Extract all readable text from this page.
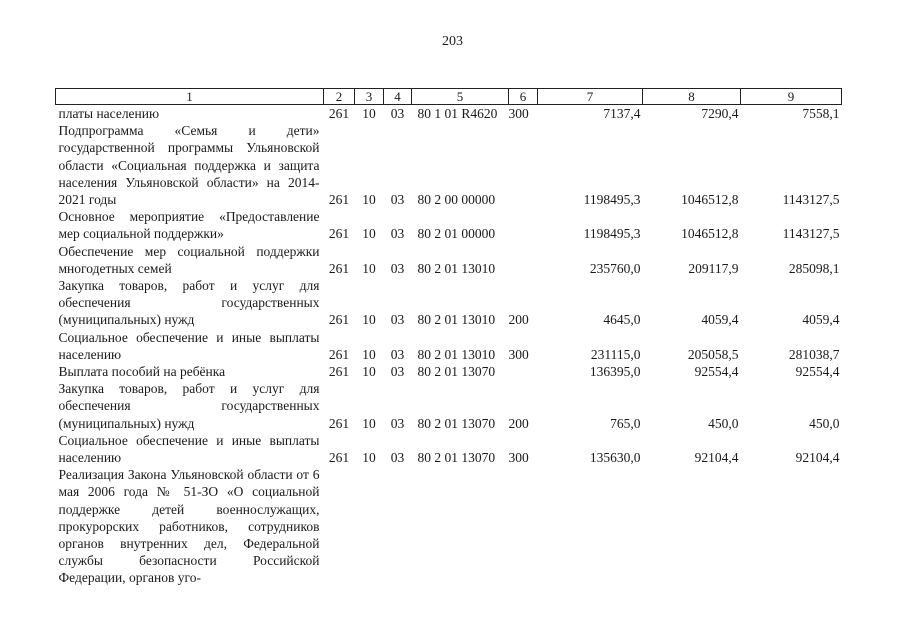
203
1	2	3	4	5	6	7	8	9
платы населению	261	10	03	80 1 01 R4620	300	7137,4	7290,4	7558,1
Подпрограмма «Семья и дети» государственной программы Ульяновской области «Социальная поддержка и защита населения Ульяновской области» на 2014-2021 годы	261	10	03	80 2 00 00000		1198495,3	1046512,8	1143127,5
Основное мероприятие «Предоставление мер социальной поддержки»	261	10	03	80 2 01 00000		1198495,3	1046512,8	1143127,5
Обеспечение мер социальной поддержки многодетных семей	261	10	03	80 2 01 13010		235760,0	209117,9	285098,1
Закупка товаров, работ и услуг для обеспечения государственных (муниципальных) нужд	261	10	03	80 2 01 13010	200	4645,0	4059,4	4059,4
Социальное обеспечение и иные выплаты населению	261	10	03	80 2 01 13010	300	231115,0	205058,5	281038,7
Выплата пособий на ребёнка	261	10	03	80 2 01 13070		136395,0	92554,4	92554,4
Закупка товаров, работ и услуг для обеспечения государственных (муниципальных) нужд	261	10	03	80 2 01 13070	200	765,0	450,0	450,0
Социальное обеспечение и иные выплаты населению	261	10	03	80 2 01 13070	300	135630,0	92104,4	92104,4
Реализация Закона Ульяновской области от 6 мая 2006 года № 51-ЗО «О социальной поддержке детей военнослужащих, прокурорских работников, сотрудников органов внутренних дел, Федеральной службы безопасности Российской Федерации, органов уго-								
